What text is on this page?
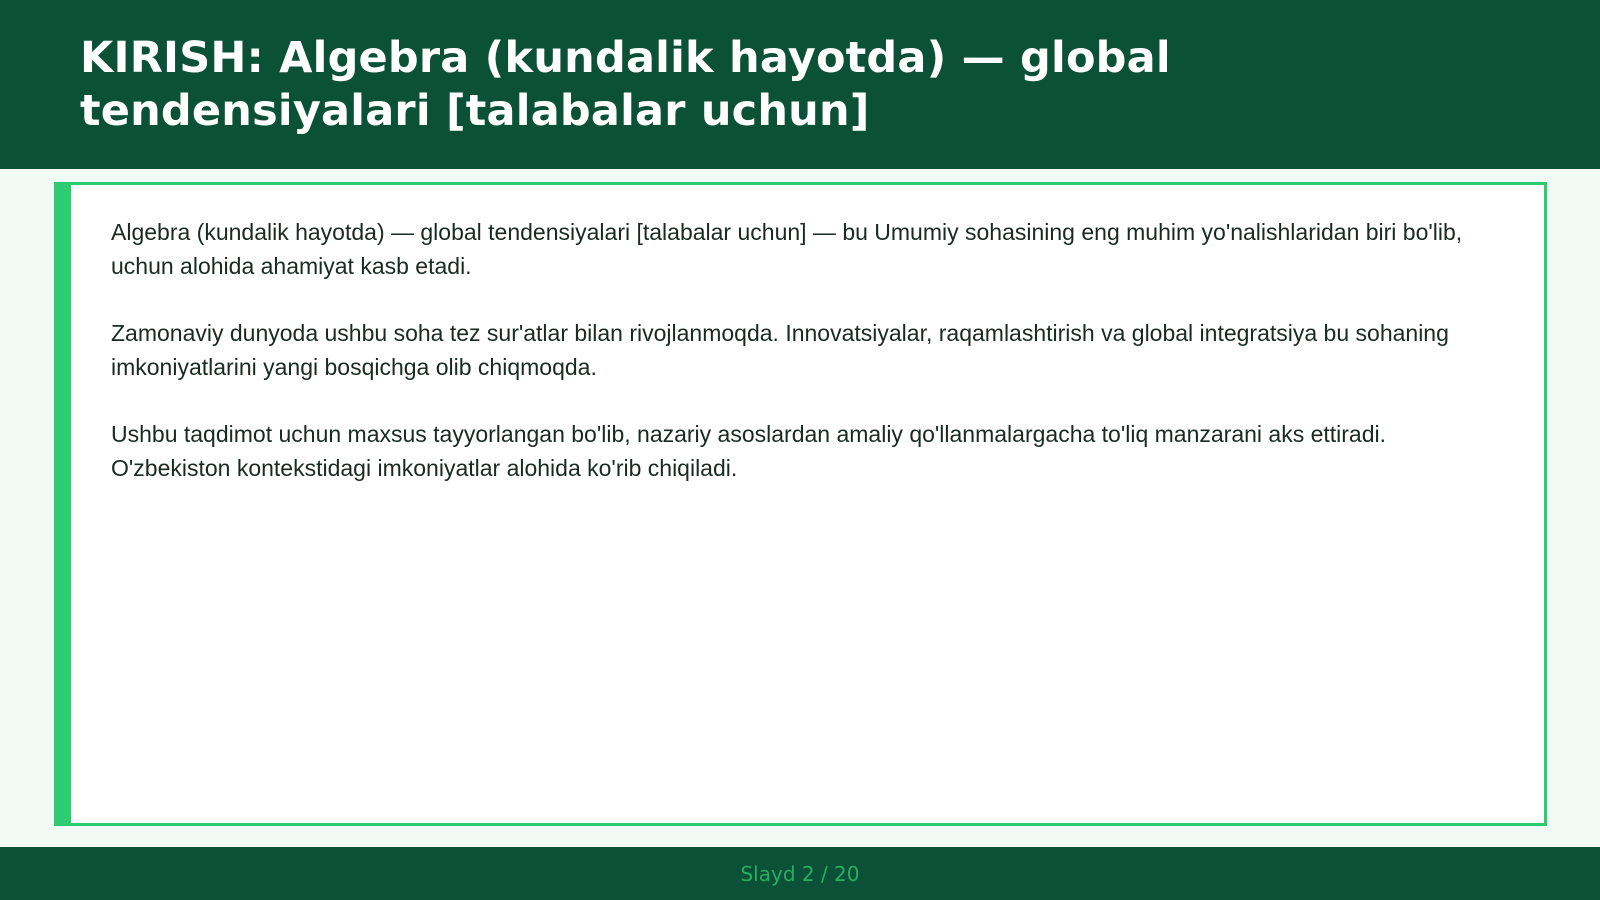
KIRISH: Algebra (kundalik hayotda) — global tendensiyalari [talabalar uchun]

Algebra (kundalik hayotda) — global tendensiyalari [talabalar uchun] — bu Umumiy sohasining eng muhim yo'nalishlaridan biri bo'lib, uchun alohida ahamiyat kasb etadi.

Zamonaviy dunyoda ushbu soha tez sur'atlar bilan rivojlanmoqda. Innovatsiyalar, raqamlashtirish va global integratsiya bu sohaning imkoniyatlarini yangi bosqichga olib chiqmoqda.

Ushbu taqdimot uchun maxsus tayyorlangan bo'lib, nazariy asoslardan amaliy qo'llanmalargacha to'liq manzarani aks ettiradi. O'zbekiston kontekstidagi imkoniyatlar alohida ko'rib chiqiladi.

Slayd 2 / 20
